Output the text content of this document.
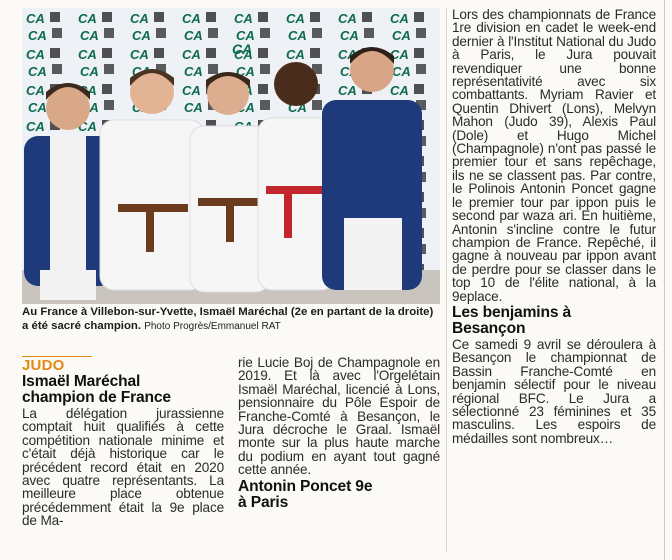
CA
Au France à Villebon-sur-Yvette, Ismaël Maréchal (2e en partant de la droite) a été sacré champion. Photo Progrès/Emmanuel RAT
JUDO
Ismaël Maréchal
champion de France

La délégation jurassienne comptait huit qualifiés à cette compétition nationale minime et c'était déjà historique car le précédent record était en 2020 avec quatre représentants. La meilleure place obtenue précédemment était la 9e place de Ma-

rie Lucie Boj de Champagnole en 2019. Et là avec l'Orgelétain Ismaël Maréchal, licencié à Lons, pensionnaire du Pôle Espoir de Franche-Comté à Besançon, le Jura décroche le Graal. Ismaël monte sur la plus haute marche du podium en ayant tout gagné cette année.

Antonin Poncet 9e
à Paris

Lors des championnats de France 1re division en cadet le week-end dernier à l'Institut National du Judo à Paris, le Jura pouvait revendiquer une bonne représentativité avec six combattants. Myriam Ravier et Quentin Dhivert (Lons), Melvyn Mahon (Judo 39), Alexis Paul (Dole) et Hugo Michel (Champagnole) n'ont pas passé le premier tour et sans repêchage, ils ne se classent pas. Par contre, le Polinois Antonin Poncet gagne le premier tour par ippon puis le second par waza ari. En huitième, Antonin s'incline contre le futur champion de France. Repêché, il gagne à nouveau par ippon avant de perdre pour se classer dans le top 10 de l'élite national, à la 9eplace.

Les benjamins à
Besançon

Ce samedi 9 avril se déroulera à Besançon le championnat de Bassin Franche-Comté en benjamin sélectif pour le niveau régional BFC. Le Jura a sélectionné 23 féminines et 35 masculins. Les espoirs de médailles sont nombreux…
